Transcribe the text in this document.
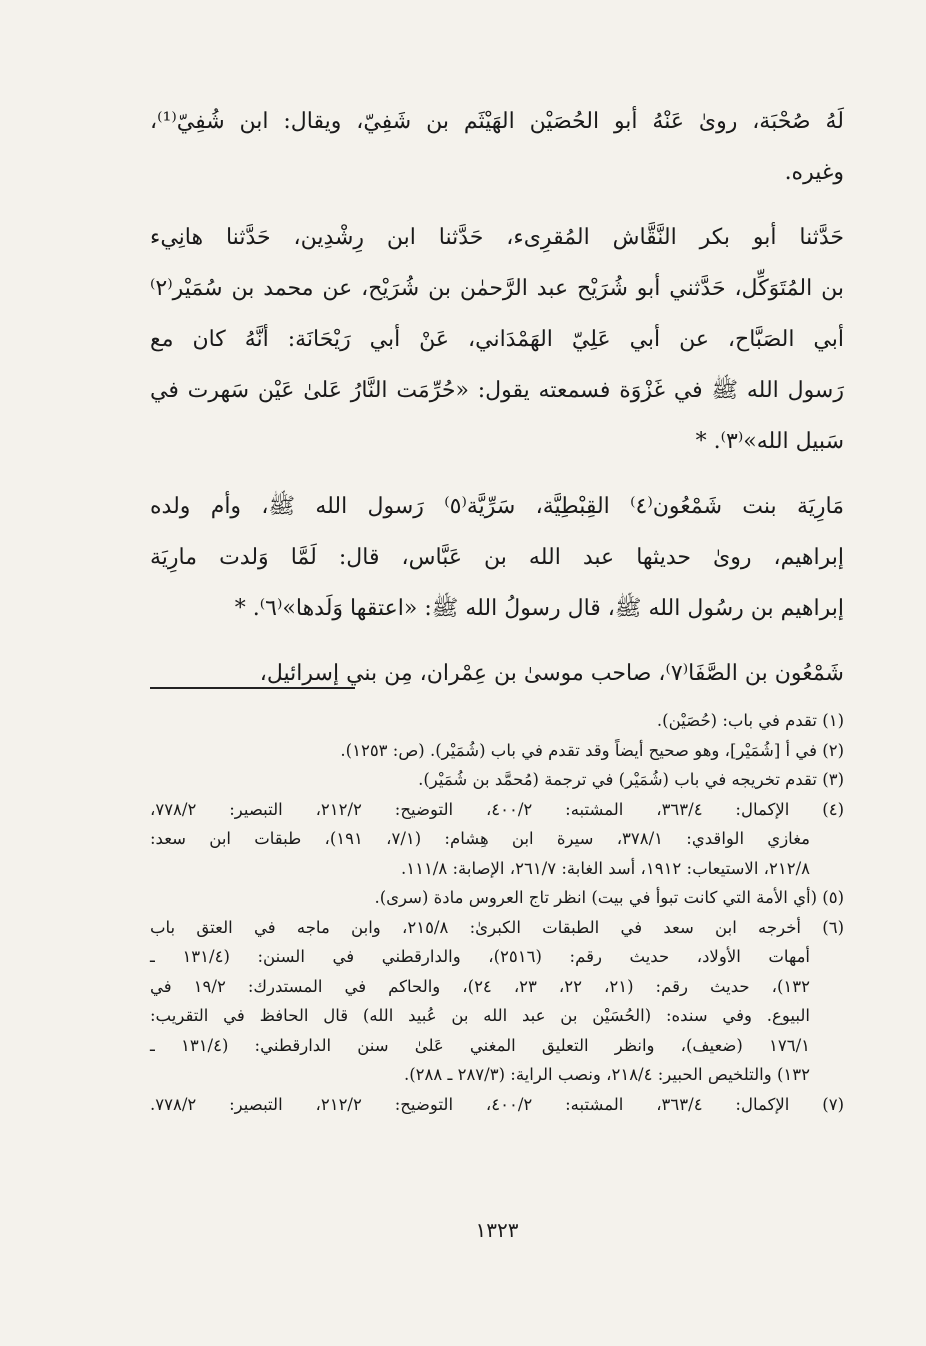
لَهُ صُحْبَة، روىٰ عَنْهُ أبو الحُصَيْن الهَيْثَم بن شَفِيّ، ويقال: ابن شُفِيّ⁽¹⁾،
وغيره.

حَدَّثنا أبو بكر النَّقَّاش المُقرِىء، حَدَّثنا ابن رِشْدِين، حَدَّثنا هانِيء
بن المُتَوَكِّل، حَدَّثني أبو شُرَيْح عبد الرَّحمٰن بن شُرَيْح، عن محمد بن سُمَيْر⁽٢⁾
أبي الصَبَّاح، عن أبي عَلِيّ الهَمْدَاني، عَنْ أبي رَيْحَانَة: أنَّهُ كان مع
رَسول الله ﷺ في غَزْوَة فسمعته يقول: «حُرِّمَت النَّارُ عَلىٰ عَيْن سَهرت في
سَبيل الله»⁽٣⁾. *

مَارِيَة بنت شَمْعُون⁽٤⁾ القِبْطِيَّة، سَرِّيَّة⁽٥⁾ رَسول الله ﷺ، وأم ولده
إبراهيم، روىٰ حديثها عبد الله بن عَبَّاس، قال: لَمَّا وَلدت مارِيَة
إبراهيم بن رسُول الله ﷺ، قال رسولُ الله ﷺ: «اعتقها وَلَدها»⁽٦⁾. *

شَمْعُون بن الصَّفَا⁽٧⁾، صاحب موسىٰ بن عِمْران، مِن بني إسرائيل،

(١) تقدم في باب: (حُصَيْن).

(٢) في أ [شُمَيْر]، وهو صحيح أيضاً وقد تقدم في باب (شُمَيْر). (ص: ١٢٥٣).

(٣) تقدم تخريجه في باب (شُمَيْر) في ترجمة (مُحمَّد بن شُمَيْر).

(٤) الإكمال: ٣٦٣/٤، المشتبه: ٤٠٠/٢، التوضيح: ٢١٢/٢، التبصير: ٧٧٨/٢،
مغازي الواقدي: ٣٧٨/١، سيرة ابن هِشام: (٧/١، ١٩١)، طبقات ابن سعد:
٢١٢/٨، الاستيعاب: ١٩١٢، أسد الغابة: ٢٦١/٧، الإصابة: ١١١/٨.

(٥) (أي الأمة التي كانت تبوأ في بيت) انظر تاج العروس مادة (سرى).

(٦) أخرجه ابن سعد في الطبقات الكبرىٰ: ٢١٥/٨، وابن ماجه في العتق باب
أمهات الأولاد، حديث رقم: (٢٥١٦)، والدارقطني في السنن: (١٣١/٤ ـ
١٣٢)، حديث رقم: (٢١، ٢٢، ٢٣، ٢٤)، والحاكم في المستدرك: ١٩/٢ في
البيوع. وفي سنده: (الحُسَيْن بن عبد الله بن عُبيد الله) قال الحافظ في التقريب:
١٧٦/١ (ضعيف)، وانظر التعليق المغني عَلىٰ سنن الدارقطني: (١٣١/٤ ـ
١٣٢) والتلخيص الحبير: ٢١٨/٤، ونصب الراية: (٢٨٧/٣ ـ ٢٨٨).

(٧) الإكمال: ٣٦٣/٤، المشتبه: ٤٠٠/٢، التوضيح: ٢١٢/٢، التبصير: ٧٧٨/٢.

١٣٢٣
